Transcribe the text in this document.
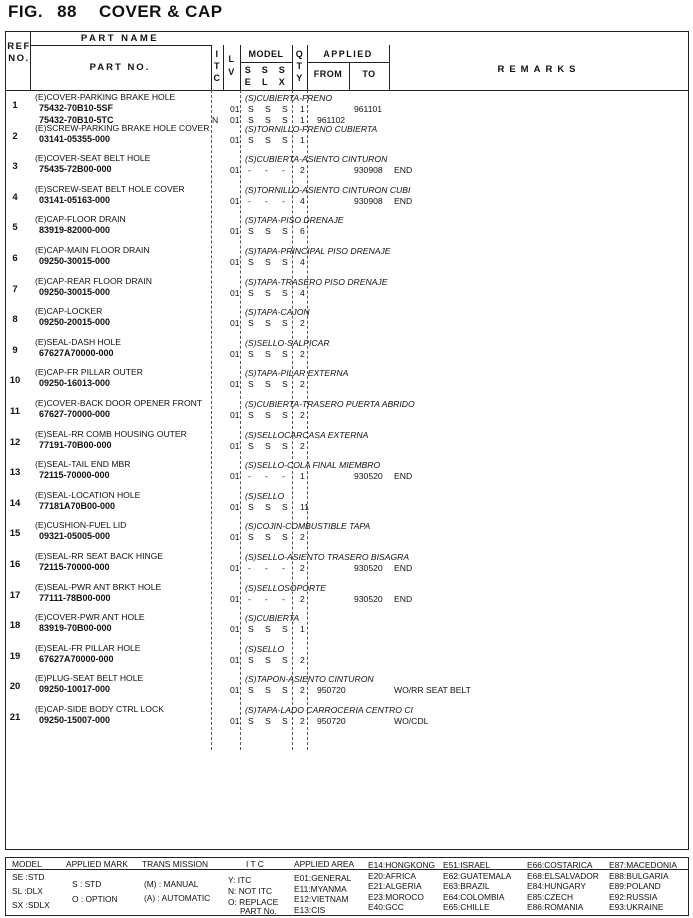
FIG. 88 COVER & CAP
REF
NO.
PART NAME
PART NO.
I
T
C
L
V
MODEL
S
E
S
L
S
X
Q
T
Y
APPLIED
FROM	TO	REMARKS
1
(E)COVER-PARKING BRAKE HOLE	(S)CUBIERTA-FRENO
75432-70B10-5SF	01 S S S 1	961101
75432-70B10-5TC	N 01 S S S 1 961102
2
(E)SCREW-PARKING BRAKE HOLE COVER	(S)TORNILLO-FRENO CUBIERTA
03141-05355-000	01 S S S 1
3
(E)COVER-SEAT BELT HOLE	(S)CUBIERTA-ASIENTO CINTURON
75435-72B00-000	01 - - - 2	930908 END
4
(E)SCREW-SEAT BELT HOLE COVER	(S)TORNILLO-ASIENTO CINTURON CUBI
03141-05163-000	01 - - - 4	930908 END
5
(E)CAP-FLOOR DRAIN	(S)TAPA-PISO DRENAJE
83919-82000-000	01 S S S 6
6
(E)CAP-MAIN FLOOR DRAIN	(S)TAPA-PRINCIPAL PISO DRENAJE
09250-30015-000	01 S S S 4
7
(E)CAP-REAR FLOOR DRAIN	(S)TAPA-TRASERO PISO DRENAJE
09250-30015-000	01 S S S 4
8
(E)CAP-LOCKER	(S)TAPA-CAJON
09250-20015-000	01 S S S 2
9
(E)SEAL-DASH HOLE	(S)SELLO-SALPICAR
67627A70000-000	01 S S S 2
10
(E)CAP-FR PILLAR OUTER	(S)TAPA-PILAR EXTERNA
09250-16013-000	01 S S S 2
11
(E)COVER-BACK DOOR OPENER FRONT	(S)CUBIERTA-TRASERO PUERTA ABRIDO
67627-70000-000	01 S S S 2
12
(E)SEAL-RR COMB HOUSING OUTER	(S)SELLOCARCASA EXTERNA
77191-70B00-000	01 S S S 2
13
(E)SEAL-TAIL END MBR	(S)SELLO-COLA FINAL MIEMBRO
72115-70000-000	01 - - - 1	930520 END
14
(E)SEAL-LOCATION HOLE	(S)SELLO
77181A70B00-000	01 S S S 11
15
(E)CUSHION-FUEL LID	(S)COJIN-COMBUSTIBLE TAPA
09321-05005-000	01 S S S 2
16
(E)SEAL-RR SEAT BACK HINGE	(S)SELLO-ASIENTO TRASERO BISAGRA
72115-70000-000	01 - - - 2	930520 END
17
(E)SEAL-PWR ANT BRKT HOLE	(S)SELLOSOPORTE
77111-78B00-000	01 - - - 2	930520 END
18
(E)COVER-PWR ANT HOLE	(S)CUBIERTA
83919-70B00-000	01 S S S 1
19
(E)SEAL-FR PILLAR HOLE	(S)SELLO
67627A70000-000	01 S S S 2
20
(E)PLUG-SEAT BELT HOLE	(S)TAPON-ASIENTO CINTURON
09250-10017-000	01 S S S 2 950720	WO/RR SEAT BELT
21
(E)CAP-SIDE BODY CTRL LOCK	(S)TAPA-LADO CARROCERIA CENTRO CI
09250-15007-000	01 S S S 2 950720	WO/CDL
MODEL	APPLIED MARK TRANS MISSION	I T C	APPLIED AREA
SE :STD
SL :DLX
SX :SDLX
S : STD
O : OPTION
(M) : MANUAL
(A) : AUTOMATIC
Y: ITC
N: NOT ITC
O: REPLACE
PART No.
E01:GENERAL
E11:MYANMA
E12:VIETNAM
E13:CIS
E14:HONGKONG
E20:AFRICA
E21:ALGERIA
E23:MOROCO
E40:GCC
E51:ISRAEL
E62:GUATEMALA
E63:BRAZIL
E64:COLOMBIA
E65:CHILLE
E66:COSTARICA
E68:ELSALVADOR
E84:HUNGARY
E85:CZECH
E86:ROMANIA
E87:MACEDONIA
E88:BULGARIA
E89:POLAND
E92:RUSSIA
E93:UKRAINE
